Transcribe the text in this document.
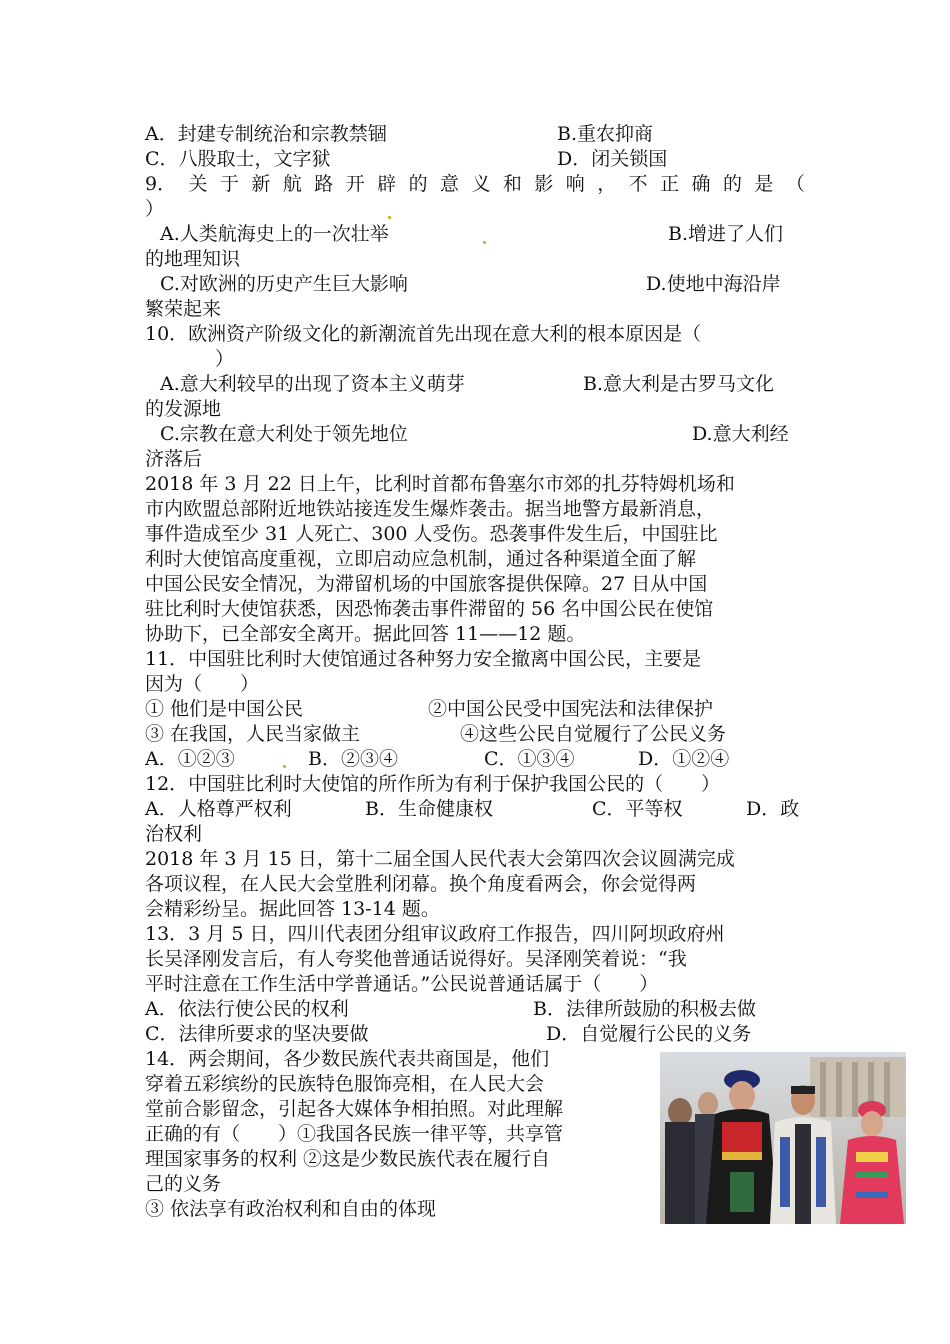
A．封建专制统治和宗教禁锢	B.重农抑商
C．八股取士，文字狱	D．闭关锁国
9． 关 于 新 航 路 开 辟 的 意 义 和 影 响 ， 不 正 确 的 是 （
）
A.人类航海史上的一次壮举	B.增进了人们
的地理知识
C.对欧洲的历史产生巨大影响	D.使地中海沿岸
繁荣起来
10．欧洲资产阶级文化的新潮流首先出现在意大利的根本原因是（
）
A.意大利较早的出现了资本主义萌芽	B.意大利是古罗马文化
的发源地
C.宗教在意大利处于领先地位	D.意大利经
济落后
2018 年 3 月 22 日上午，比利时首都布鲁塞尔市郊的扎芬特姆机场和
市内欧盟总部附近地铁站接连发生爆炸袭击。据当地警方最新消息，
事件造成至少 31 人死亡、300 人受伤。恐袭事件发生后，中国驻比
利时大使馆高度重视，立即启动应急机制，通过各种渠道全面了解
中国公民安全情况，为滞留机场的中国旅客提供保障。27 日从中国
驻比利时大使馆获悉，因恐怖袭击事件滞留的 56 名中国公民在使馆
协助下，已全部安全离开。据此回答 11——12 题。
11．中国驻比利时大使馆通过各种努力安全撤离中国公民，主要是
因为（　　）
① 他们是中国公民	②中国公民受中国宪法和法律保护
③ 在我国，人民当家做主	④这些公民自觉履行了公民义务
A．①②③	B．②③④	C．①③④	D．①②④
12．中国驻比利时大使馆的所作所为有利于保护我国公民的（　　）
A．人格尊严权利	B．生命健康权	C．平等权	D．政
治权利
2018 年 3 月 15 日，第十二届全国人民代表大会第四次会议圆满完成
各项议程，在人民大会堂胜利闭幕。换个角度看两会，你会觉得两
会精彩纷呈。据此回答 13-14 题。
13．3 月 5 日，四川代表团分组审议政府工作报告，四川阿坝政府州
长吴泽刚发言后，有人夸奖他普通话说得好。吴泽刚笑着说：“我
平时注意在工作生活中学普通话。”公民说普通话属于（　　）
A．依法行使公民的权利	B．法律所鼓励的积极去做
C．法律所要求的坚决要做	D．自觉履行公民的义务
14．两会期间，各少数民族代表共商国是，他们
穿着五彩缤纷的民族特色服饰亮相，在人民大会
堂前合影留念，引起各大媒体争相拍照。对此理解
正确的有（　　）①我国各民族一律平等，共享管
理国家事务的权利 ②这是少数民族代表在履行自
己的义务
③ 依法享有政治权利和自由的体现
